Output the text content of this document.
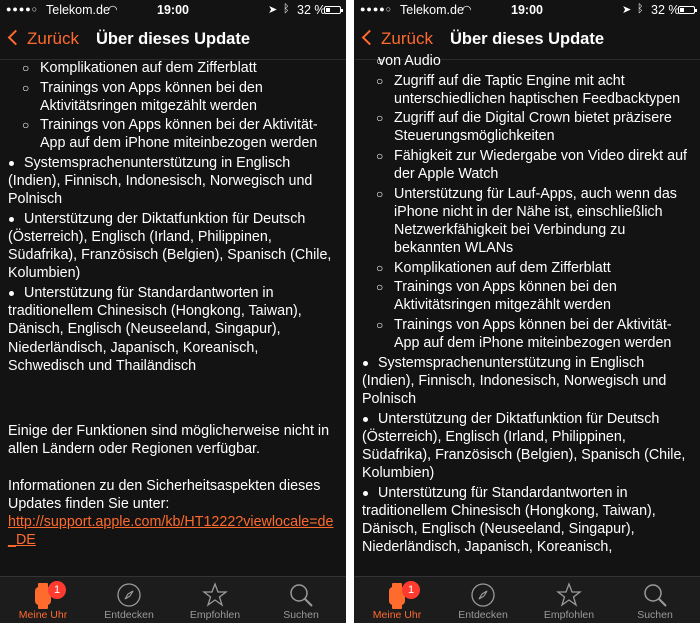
●●●●○ Telekom.de
◠	19:00	➤ ᛒ 32 %
Zurück	Über dieses Update
○ Komplikationen auf dem Zifferblatt
○ Trainings von Apps können bei den Aktivitätsringen mitgezählt werden
○ Trainings von Apps können bei der Aktivität-App auf dem iPhone miteinbezogen werden
Systemsprachenunterstützung in Englisch (Indien), Finnisch, Indonesisch, Norwegisch und Polnisch
Unterstützung der Diktatfunktion für Deutsch (Österreich), Englisch (Irland, Philippinen, Südafrika), Französisch (Belgien), Spanisch (Chile, Kolumbien)
Unterstützung für Standardantworten in traditionellem Chinesisch (Hongkong, Taiwan), Dänisch, Englisch (Neuseeland, Singapur), Niederländisch, Japanisch, Koreanisch, Schwedisch und Thailändisch
Einige der Funktionen sind möglicherweise nicht in allen Ländern oder Regionen verfügbar.
Informationen zu den Sicherheitsaspekten dieses Updates finden Sie unter:
http://support.apple.com/kb/HT1222?viewlocale=de_DE
1
Meine Uhr	Entdecken	Empfohlen	Suchen
●●●●○ Telekom.de
◠	19:00	➤ ᛒ 32 %
Zurück	Über dieses Update
○ von Audio
○ Zugriff auf die Taptic Engine mit acht unterschiedlichen haptischen Feedbacktypen
○ Zugriff auf die Digital Crown bietet präzisere Steuerungsmöglichkeiten
○ Fähigkeit zur Wiedergabe von Video direkt auf der Apple Watch
○ Unterstützung für Lauf-Apps, auch wenn das iPhone nicht in der Nähe ist, einschließlich Netzwerkfähigkeit bei Verbindung zu bekannten WLANs
○ Komplikationen auf dem Zifferblatt
○ Trainings von Apps können bei den Aktivitätsringen mitgezählt werden
○ Trainings von Apps können bei der Aktivität-App auf dem iPhone miteinbezogen werden
Systemsprachenunterstützung in Englisch (Indien), Finnisch, Indonesisch, Norwegisch und Polnisch
Unterstützung der Diktatfunktion für Deutsch (Österreich), Englisch (Irland, Philippinen, Südafrika), Französisch (Belgien), Spanisch (Chile, Kolumbien)
Unterstützung für Standardantworten in traditionellem Chinesisch (Hongkong, Taiwan), Dänisch, Englisch (Neuseeland, Singapur), Niederländisch, Japanisch, Koreanisch,
1
Meine Uhr	Entdecken	Empfohlen	Suchen
